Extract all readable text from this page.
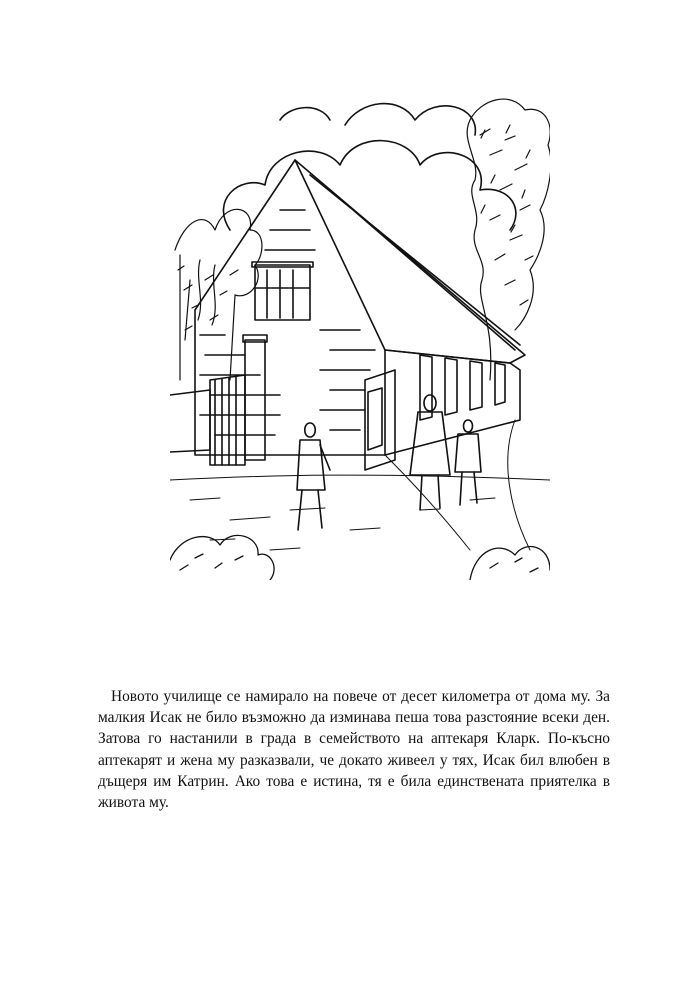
Новото училище се намирало на повече от десет километра от дома му. За малкия Исак не било възможно да изминава пеша това разстояние всеки ден. Затова го настанили в града в семейството на аптекаря Кларк. По-късно аптекарят и жена му разказвали, че докато живеел у тях, Исак бил влюбен в дъщеря им Катрин. Ако това е истина, тя е била единствената приятелка в живота му.
